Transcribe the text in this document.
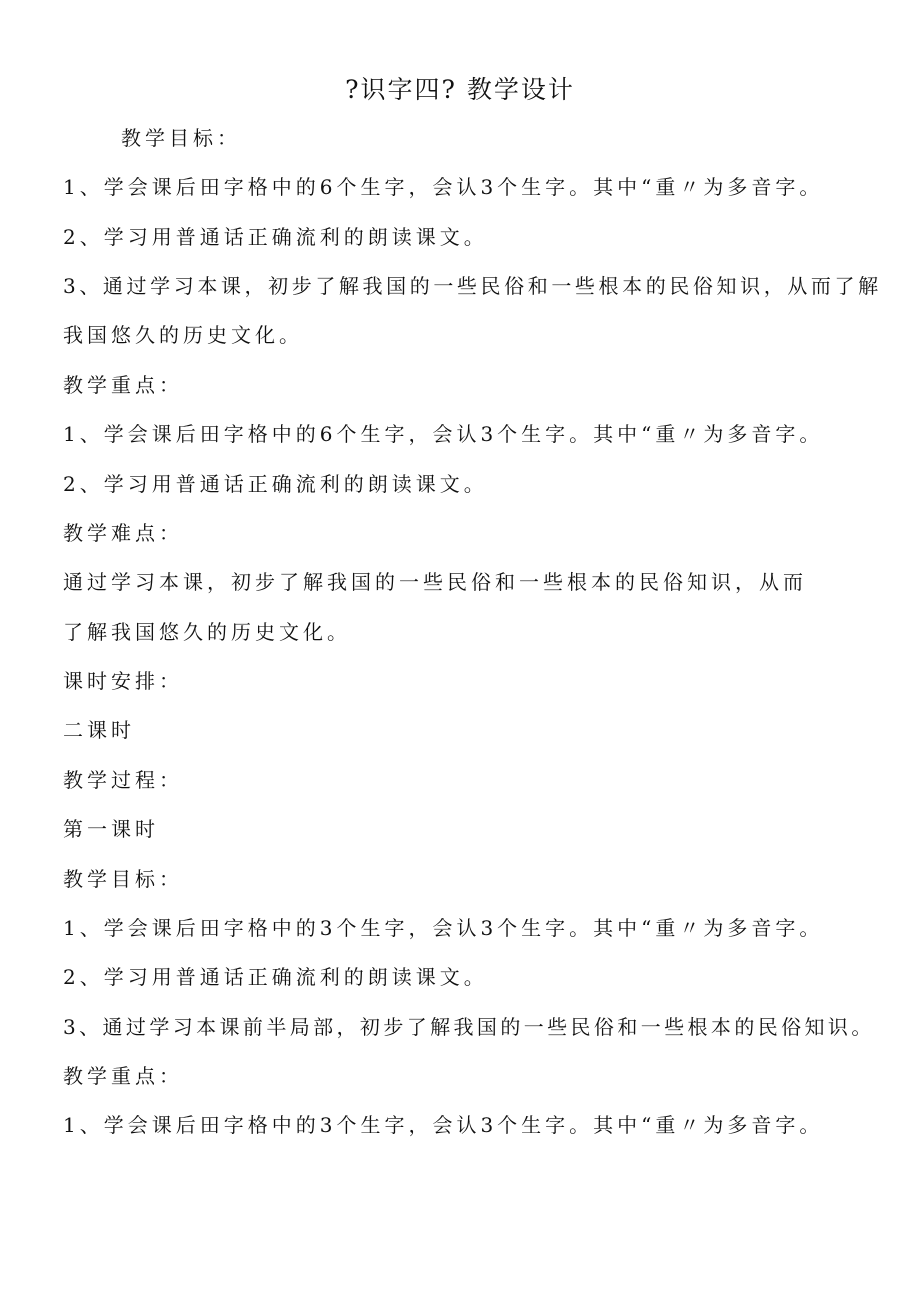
?识字四? 教学设计
教学目标：
1、学会课后田字格中的6个生字，会认3个生字。其中“重〃为多音字。
2、学习用普通话正确流利的朗读课文。
3、通过学习本课，初步了解我国的一些民俗和一些根本的民俗知识，从而了解
我国悠久的历史文化。
教学重点：
1、学会课后田字格中的6个生字，会认3个生字。其中“重〃为多音字。
2、学习用普通话正确流利的朗读课文。
教学难点：
通过学习本课，初步了解我国的一些民俗和一些根本的民俗知识，从而
了解我国悠久的历史文化。
课时安排：
二课时
教学过程：
第一课时
教学目标：
1、学会课后田字格中的3个生字，会认3个生字。其中“重〃为多音字。
2、学习用普通话正确流利的朗读课文。
3、通过学习本课前半局部，初步了解我国的一些民俗和一些根本的民俗知识。
教学重点：
1、学会课后田字格中的3个生字，会认3个生字。其中“重〃为多音字。
